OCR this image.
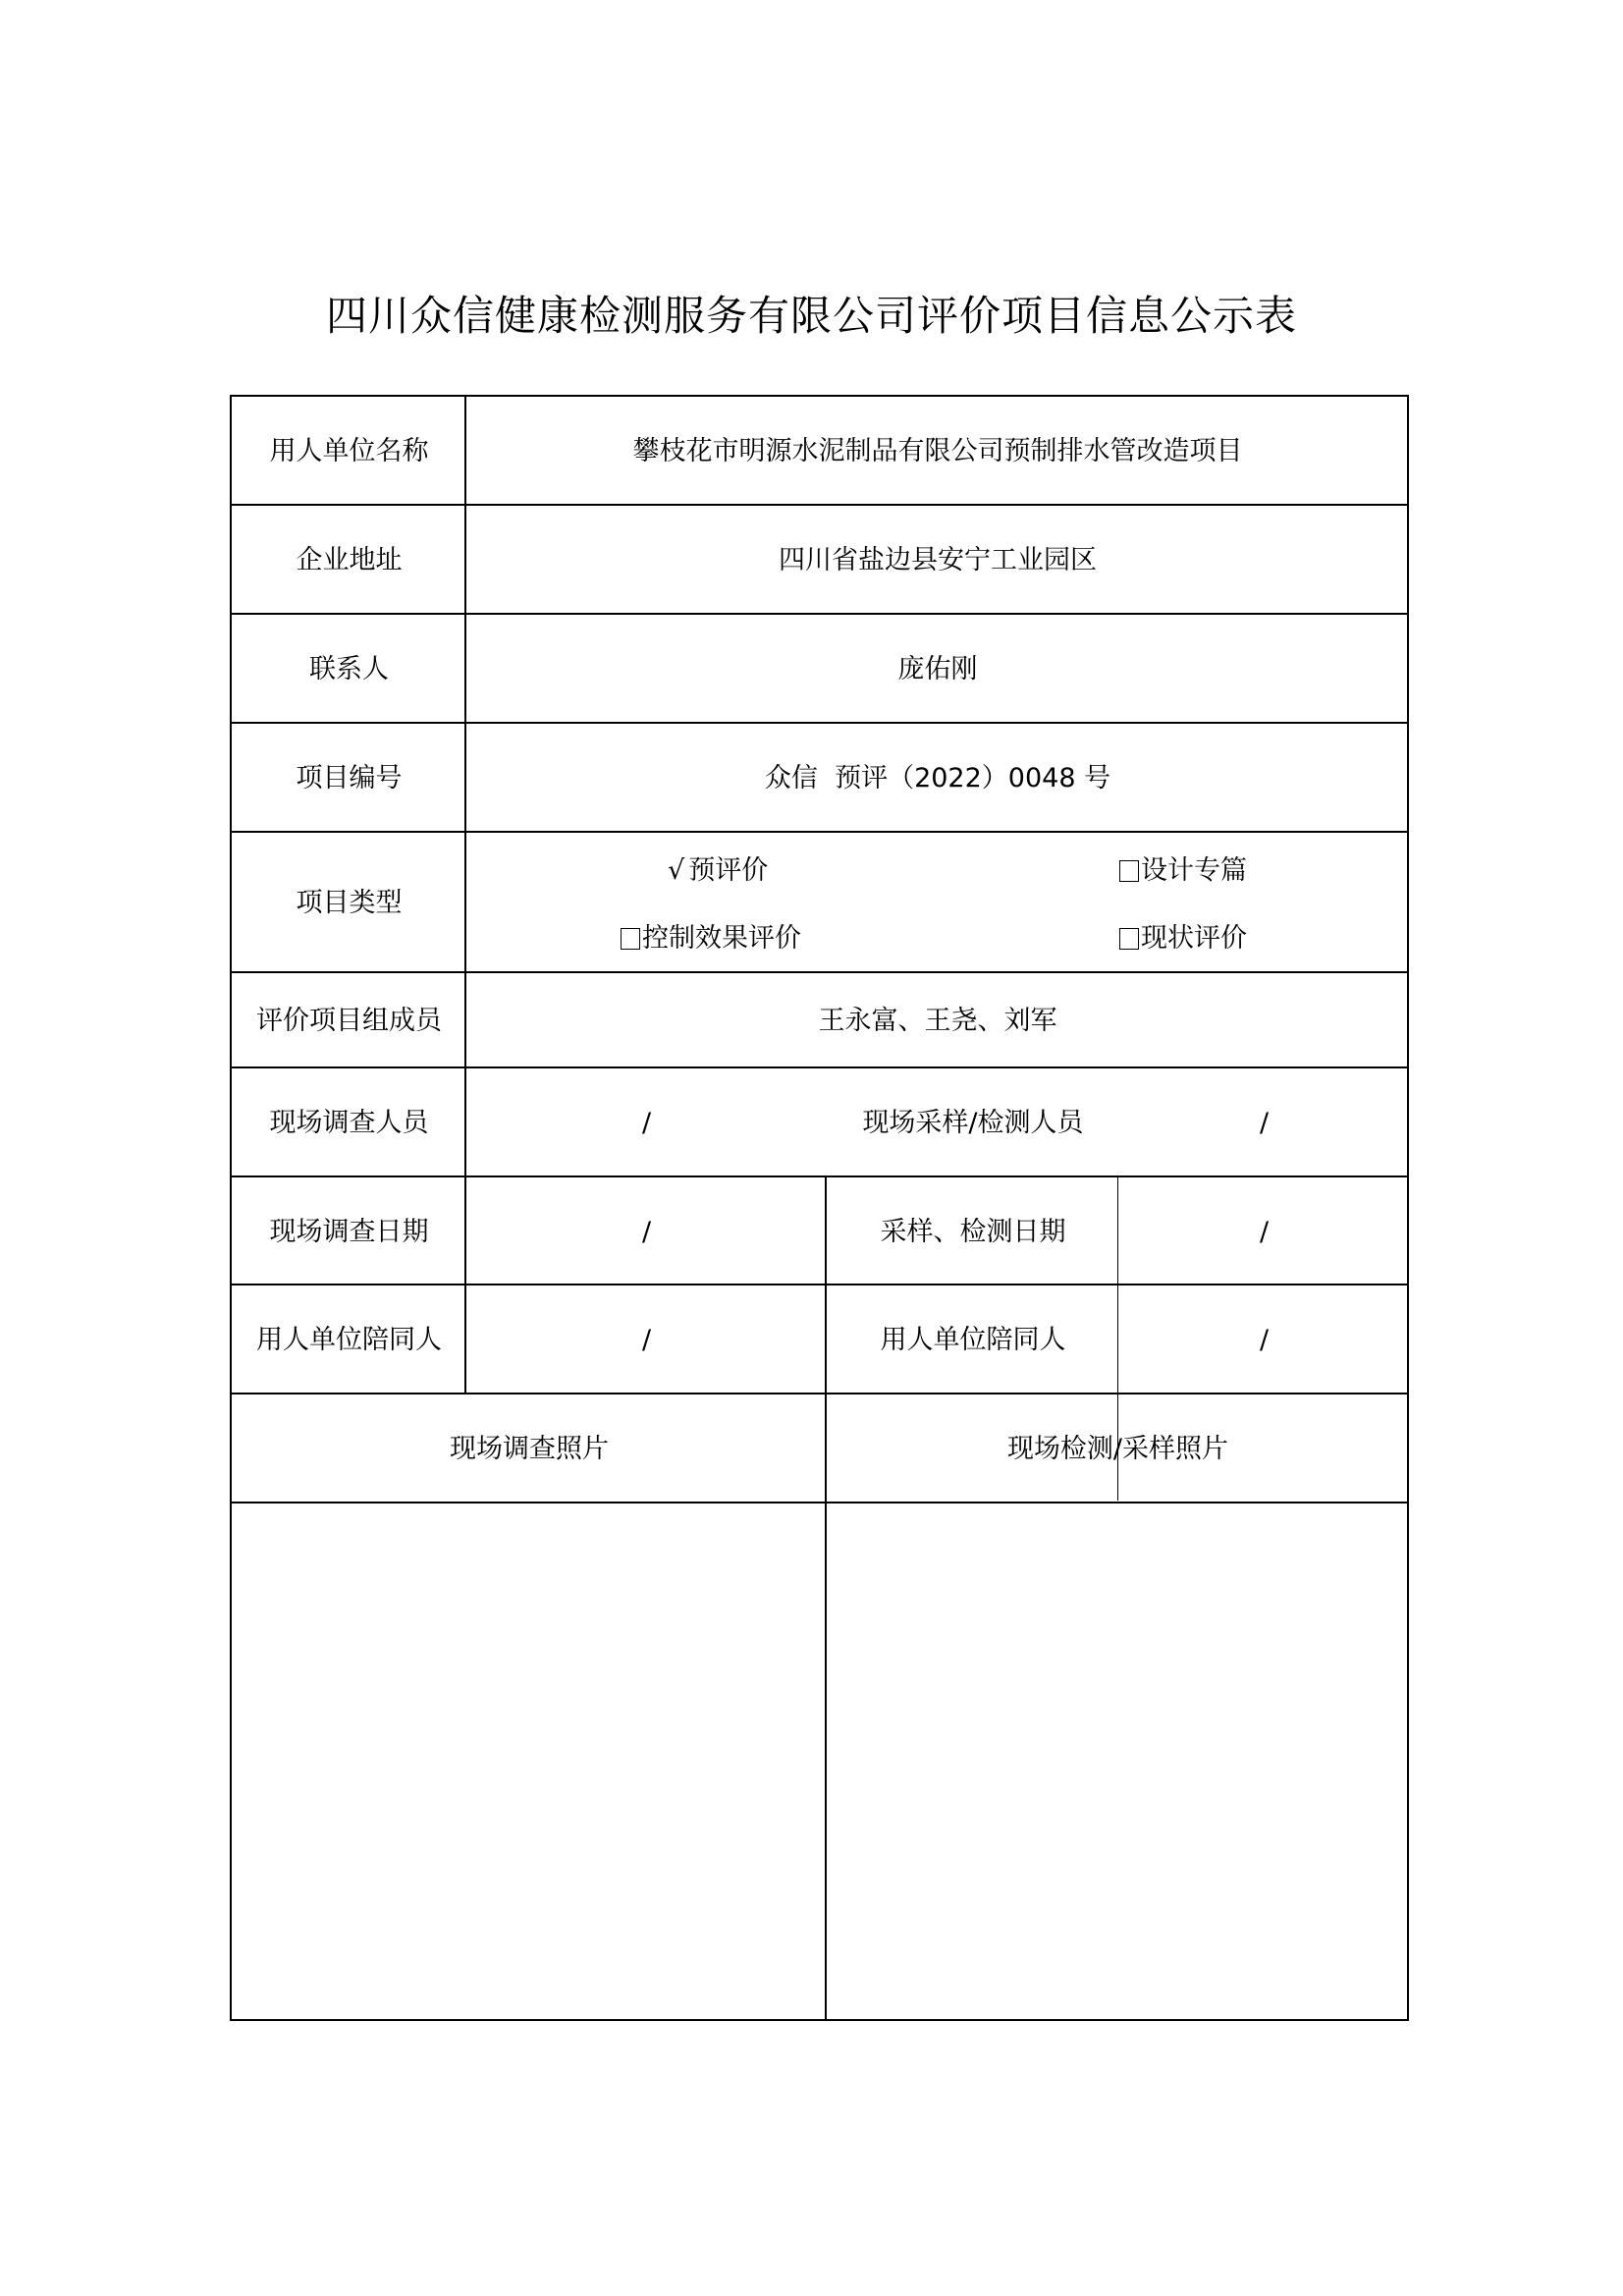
四川众信健康检测服务有限公司评价项目信息公示表
用人单位名称	攀枝花市明源水泥制品有限公司预制排水管改造项目
企业地址	四川省盐边县安宁工业园区
联系人	庞佑刚
项目编号	众信  预评（2022）0048 号
项目类型
√ 预评价	设计专篇
控制效果评价	现状评价
评价项目组成员	王永富、王尧、刘军
现场调查人员	/	现场采样/检测人员	/
现场调查日期	/	采样、检测日期	/
用人单位陪同人	/	用人单位陪同人	/
现场调查照片	现场检测/采样照片
